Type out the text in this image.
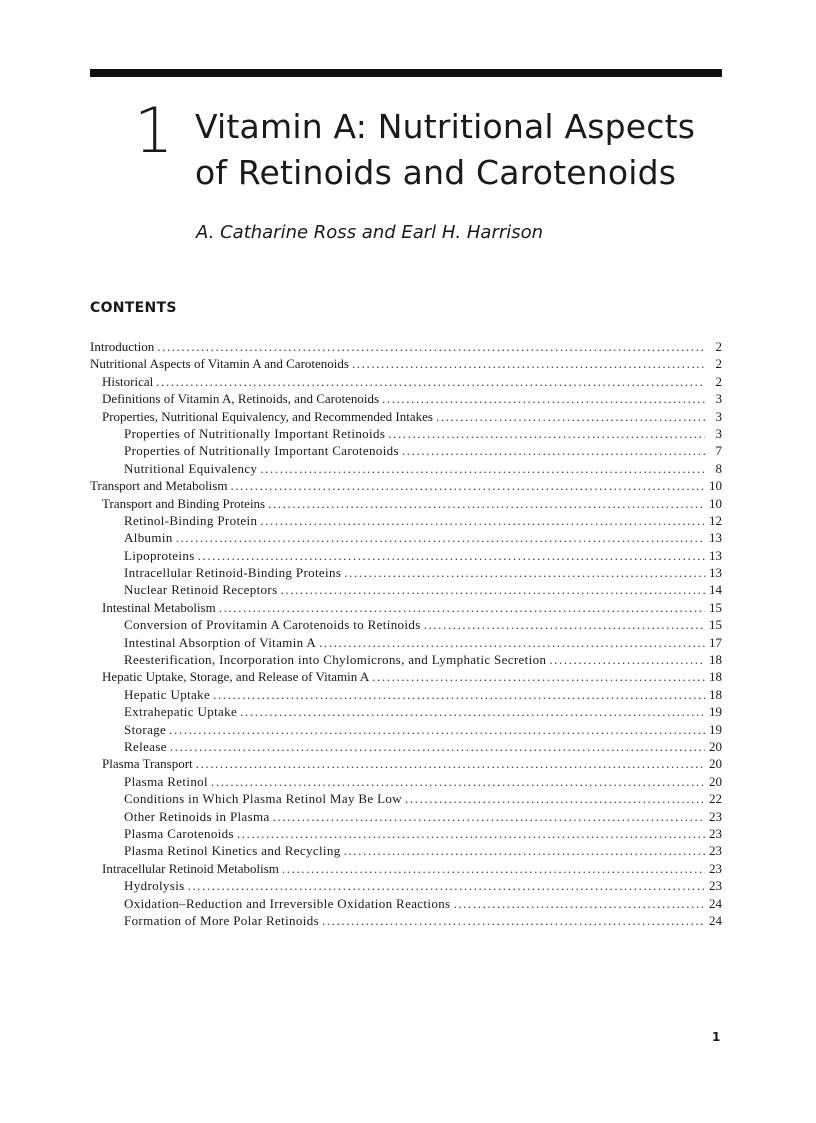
1 Vitamin A: Nutritional Aspects
of Retinoids and Carotenoids
A. Catharine Ross and Earl H. Harrison
CONTENTS
Introduction .....	2
Nutritional Aspects of Vitamin A and Carotenoids .....	2
Historical .....	2
Definitions of Vitamin A, Retinoids, and Carotenoids .....	3
Properties, Nutritional Equivalency, and Recommended Intakes .....	3
Properties of Nutritionally Important Retinoids .....	3
Properties of Nutritionally Important Carotenoids .....	7
Nutritional Equivalency .....	8
Transport and Metabolism .....	10
Transport and Binding Proteins .....	10
Retinol-Binding Protein .....	12
Albumin .....	13
Lipoproteins .....	13
Intracellular Retinoid-Binding Proteins .....	13
Nuclear Retinoid Receptors .....	14
Intestinal Metabolism .....	15
Conversion of Provitamin A Carotenoids to Retinoids .....	15
Intestinal Absorption of Vitamin A .....	17
Reesterification, Incorporation into Chylomicrons, and Lymphatic Secretion .....	18
Hepatic Uptake, Storage, and Release of Vitamin A .....	18
Hepatic Uptake .....	18
Extrahepatic Uptake .....	19
Storage .....	19
Release .....	20
Plasma Transport .....	20
Plasma Retinol .....	20
Conditions in Which Plasma Retinol May Be Low .....	22
Other Retinoids in Plasma .....	23
Plasma Carotenoids .....	23
Plasma Retinol Kinetics and Recycling .....	23
Intracellular Retinoid Metabolism .....	23
Hydrolysis .....	23
Oxidation–Reduction and Irreversible Oxidation Reactions .....	24
Formation of More Polar Retinoids .....	24
1
